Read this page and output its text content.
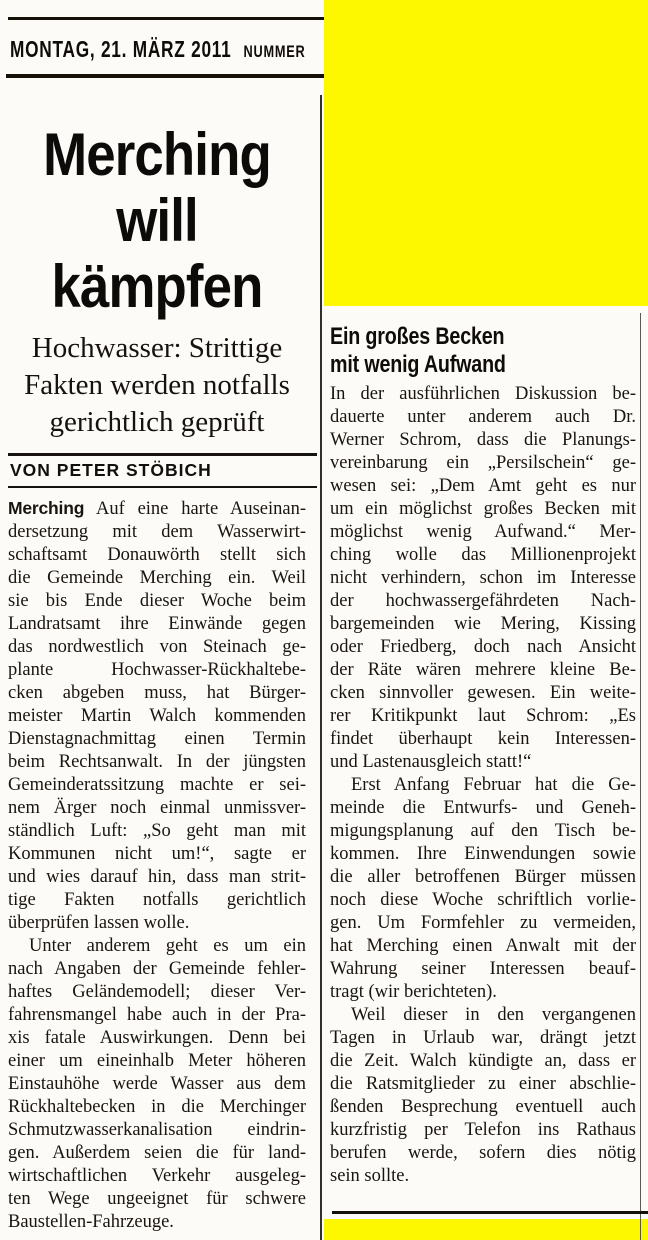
MONTAG, 21. MÄRZ 2011 NUMMER
Merching
will
kämpfen
Hochwasser: Strittige
Fakten werden notfalls
gerichtlich geprüft
VON PETER STÖBICH
Merching Auf eine harte Auseinan-
dersetzung mit dem Wasserwirt-
schaftsamt Donauwörth stellt sich
die Gemeinde Merching ein. Weil
sie bis Ende dieser Woche beim
Landratsamt ihre Einwände gegen
das nordwestlich von Steinach ge-
plante Hochwasser-Rückhaltebe-
cken abgeben muss, hat Bürger-
meister Martin Walch kommenden
Dienstagnachmittag einen Termin
beim Rechtsanwalt. In der jüngsten
Gemeinderatssitzung machte er sei-
nem Ärger noch einmal unmissver-
ständlich Luft: „So geht man mit
Kommunen nicht um!“, sagte er
und wies darauf hin, dass man strit-
tige Fakten notfalls gerichtlich
überprüfen lassen wolle.
Unter anderem geht es um ein
nach Angaben der Gemeinde fehler-
haftes Geländemodell; dieser Ver-
fahrensmangel habe auch in der Pra-
xis fatale Auswirkungen. Denn bei
einer um eineinhalb Meter höheren
Einstauhöhe werde Wasser aus dem
Rückhaltebecken in die Merchinger
Schmutzwasserkanalisation eindrin-
gen. Außerdem seien die für land-
wirtschaftlichen Verkehr ausgeleg-
ten Wege ungeeignet für schwere
Baustellen-Fahrzeuge.
Ein großes Becken
mit wenig Aufwand
In der ausführlichen Diskussion be-
dauerte unter anderem auch Dr.
Werner Schrom, dass die Planungs-
vereinbarung ein „Persilschein“ ge-
wesen sei: „Dem Amt geht es nur
um ein möglichst großes Becken mit
möglichst wenig Aufwand.“ Mer-
ching wolle das Millionenprojekt
nicht verhindern, schon im Interesse
der hochwassergefährdeten Nach-
bargemeinden wie Mering, Kissing
oder Friedberg, doch nach Ansicht
der Räte wären mehrere kleine Be-
cken sinnvoller gewesen. Ein weite-
rer Kritikpunkt laut Schrom: „Es
findet überhaupt kein Interessen-
und Lastenausgleich statt!“
Erst Anfang Februar hat die Ge-
meinde die Entwurfs- und Geneh-
migungsplanung auf den Tisch be-
kommen. Ihre Einwendungen sowie
die aller betroffenen Bürger müssen
noch diese Woche schriftlich vorlie-
gen. Um Formfehler zu vermeiden,
hat Merching einen Anwalt mit der
Wahrung seiner Interessen beauf-
tragt (wir berichteten).
Weil dieser in den vergangenen
Tagen in Urlaub war, drängt jetzt
die Zeit. Walch kündigte an, dass er
die Ratsmitglieder zu einer abschlie-
ßenden Besprechung eventuell auch
kurzfristig per Telefon ins Rathaus
berufen werde, sofern dies nötig
sein sollte.
